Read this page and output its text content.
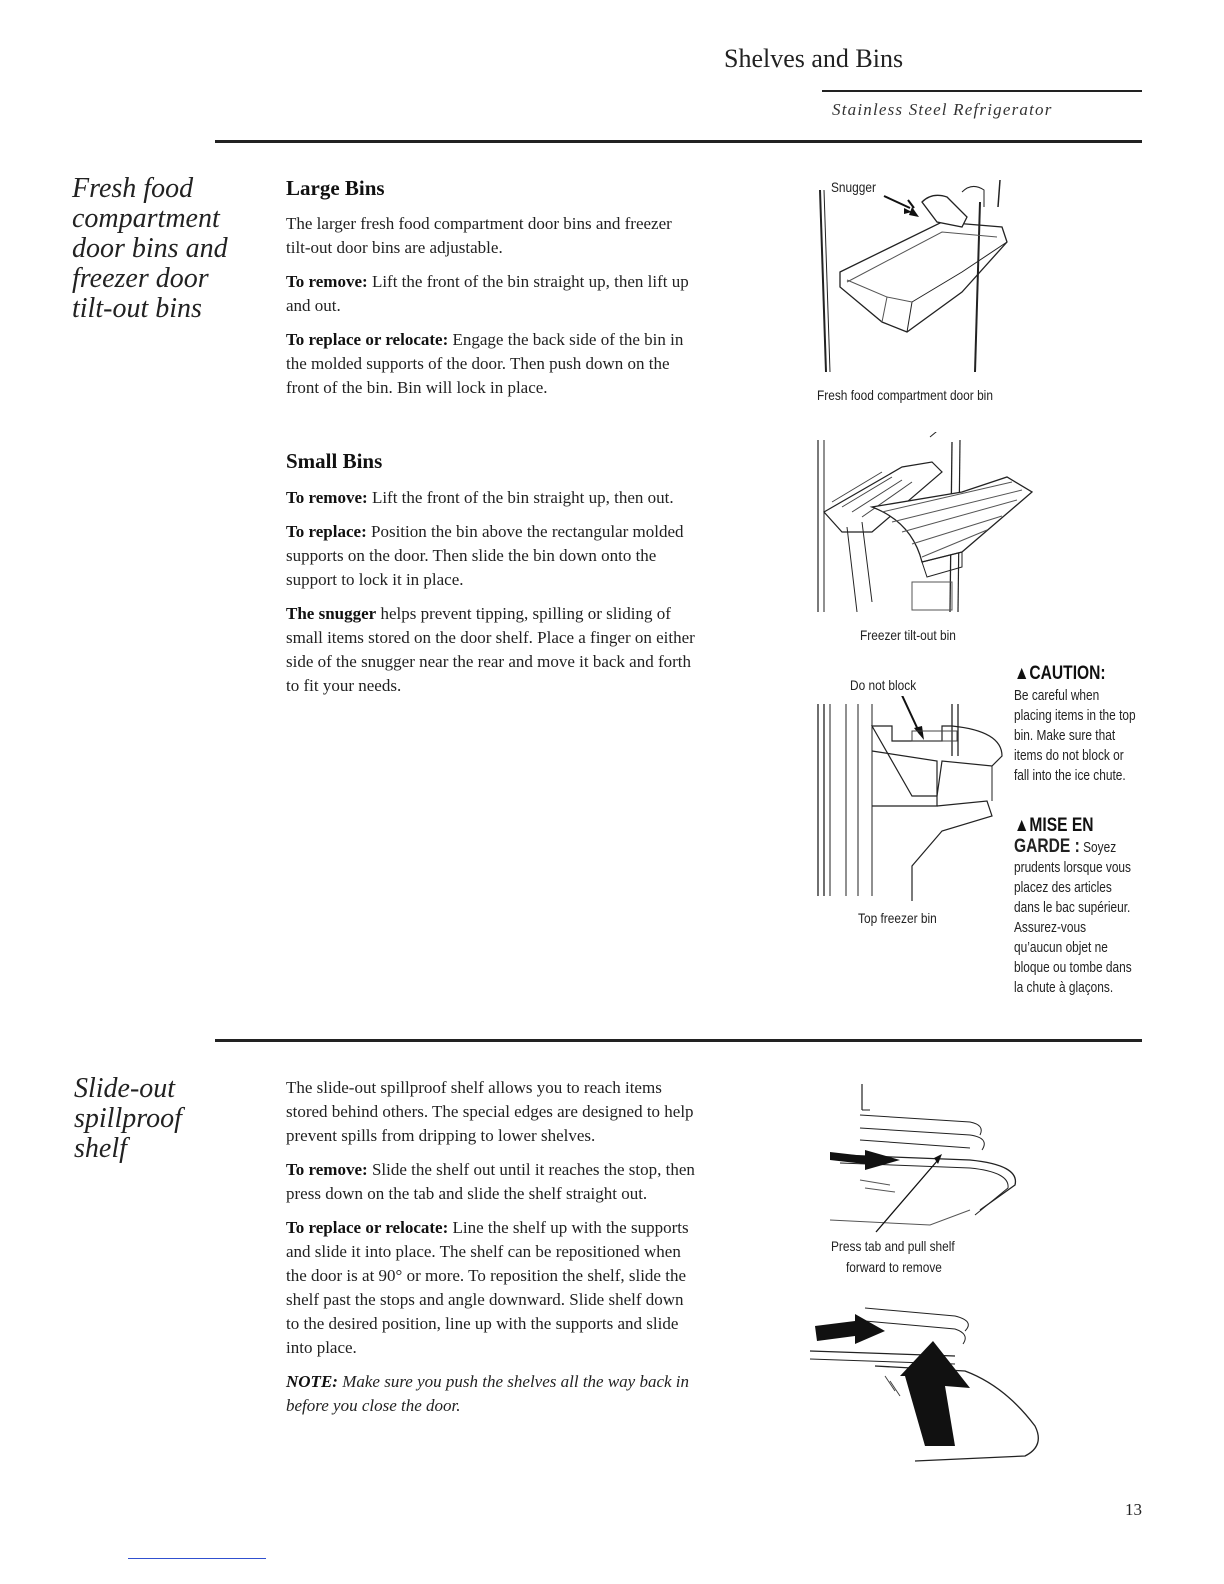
Shelves and Bins
Stainless Steel Refrigerator
Fresh food
compartment
door bins and
freezer door
tilt-out bins
Large Bins

The larger fresh food compartment door bins and freezer tilt-out door bins are adjustable.

To remove: Lift the front of the bin straight up, then lift up and out.

To replace or relocate: Engage the back side of the bin in the molded supports of the door. Then push down on the front of the bin. Bin will lock in place.

Small Bins

To remove: Lift the front of the bin straight up, then out.

To replace: Position the bin above the rectangular molded supports on the door. Then slide the bin down onto the support to lock it in place.

The snugger helps prevent tipping, spilling or sliding of small items stored on the door shelf. Place a finger on either side of the snugger near the rear and move it back and forth to fit your needs.

Snugger
Fresh food compartment door bin
Freezer tilt-out bin
Do not block
Top freezer bin
▲CAUTION:
Be careful when placing items in the top bin. Make sure that items do not block or fall into the ice chute.
▲MISE EN
GARDE : Soyez prudents lorsque vous placez des articles dans le bac supérieur. Assurez-vous qu’aucun objet ne bloque ou tombe dans la chute à glaçons.
Slide-out
spillproof
shelf

The slide-out spillproof shelf allows you to reach items stored behind others. The special edges are designed to help prevent spills from dripping to lower shelves.

To remove: Slide the shelf out until it reaches the stop, then press down on the tab and slide the shelf straight out.

To replace or relocate: Line the shelf up with the supports and slide it into place. The shelf can be repositioned when the door is at 90° or more. To reposition the shelf, slide the shelf past the stops and angle downward. Slide shelf down to the desired position, line up with the supports and slide into place.

NOTE: Make sure you push the shelves all the way back in before you close the door.

Press tab and pull shelf
forward to remove
13
